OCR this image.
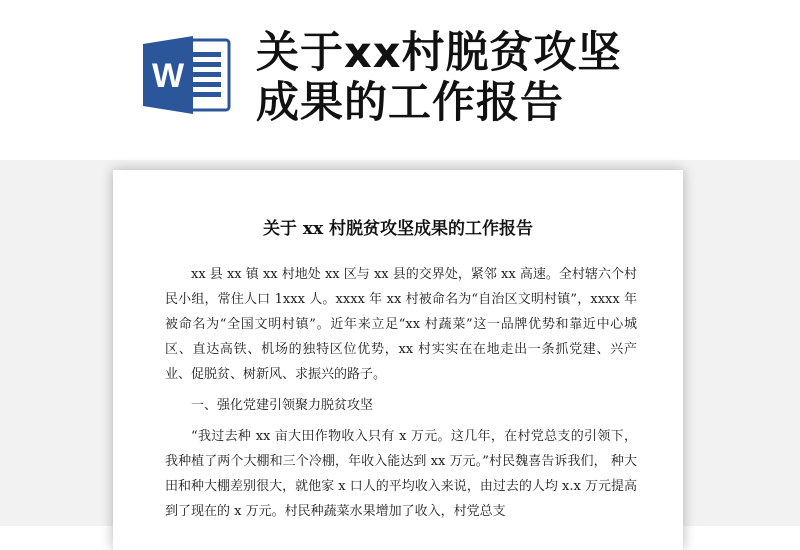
W 关于xx村脱贫攻坚
成果的工作报告
关于 xx 村脱贫攻坚成果的工作报告

xx 县 xx 镇 xx 村地处 xx 区与 xx 县的交界处，紧邻 xx 高速。全村辖六个村民小组，常住人口 1xxx 人。xxxx 年 xx 村被命名为“自治区文明村镇”，xxxx 年被命名为“全国文明村镇”。近年来立足“xx 村蔬菜”这一品牌优势和靠近中心城区、直达高铁、机场的独特区位优势，xx 村实实在在地走出一条抓党建、兴产业、促脱贫、树新风、求振兴的路子。

一、强化党建引领聚力脱贫攻坚

“我过去种 xx 亩大田作物收入只有 x 万元。这几年，在村党总支的引领下， 我种植了两个大棚和三个冷棚，年收入能达到 xx 万元。”村民魏喜告诉我们， 种大田和种大棚差别很大，就他家 x 口人的平均收入来说，由过去的人均 x.x 万元提高到了现在的 x 万元。村民种蔬菜水果增加了收入，村党总支
